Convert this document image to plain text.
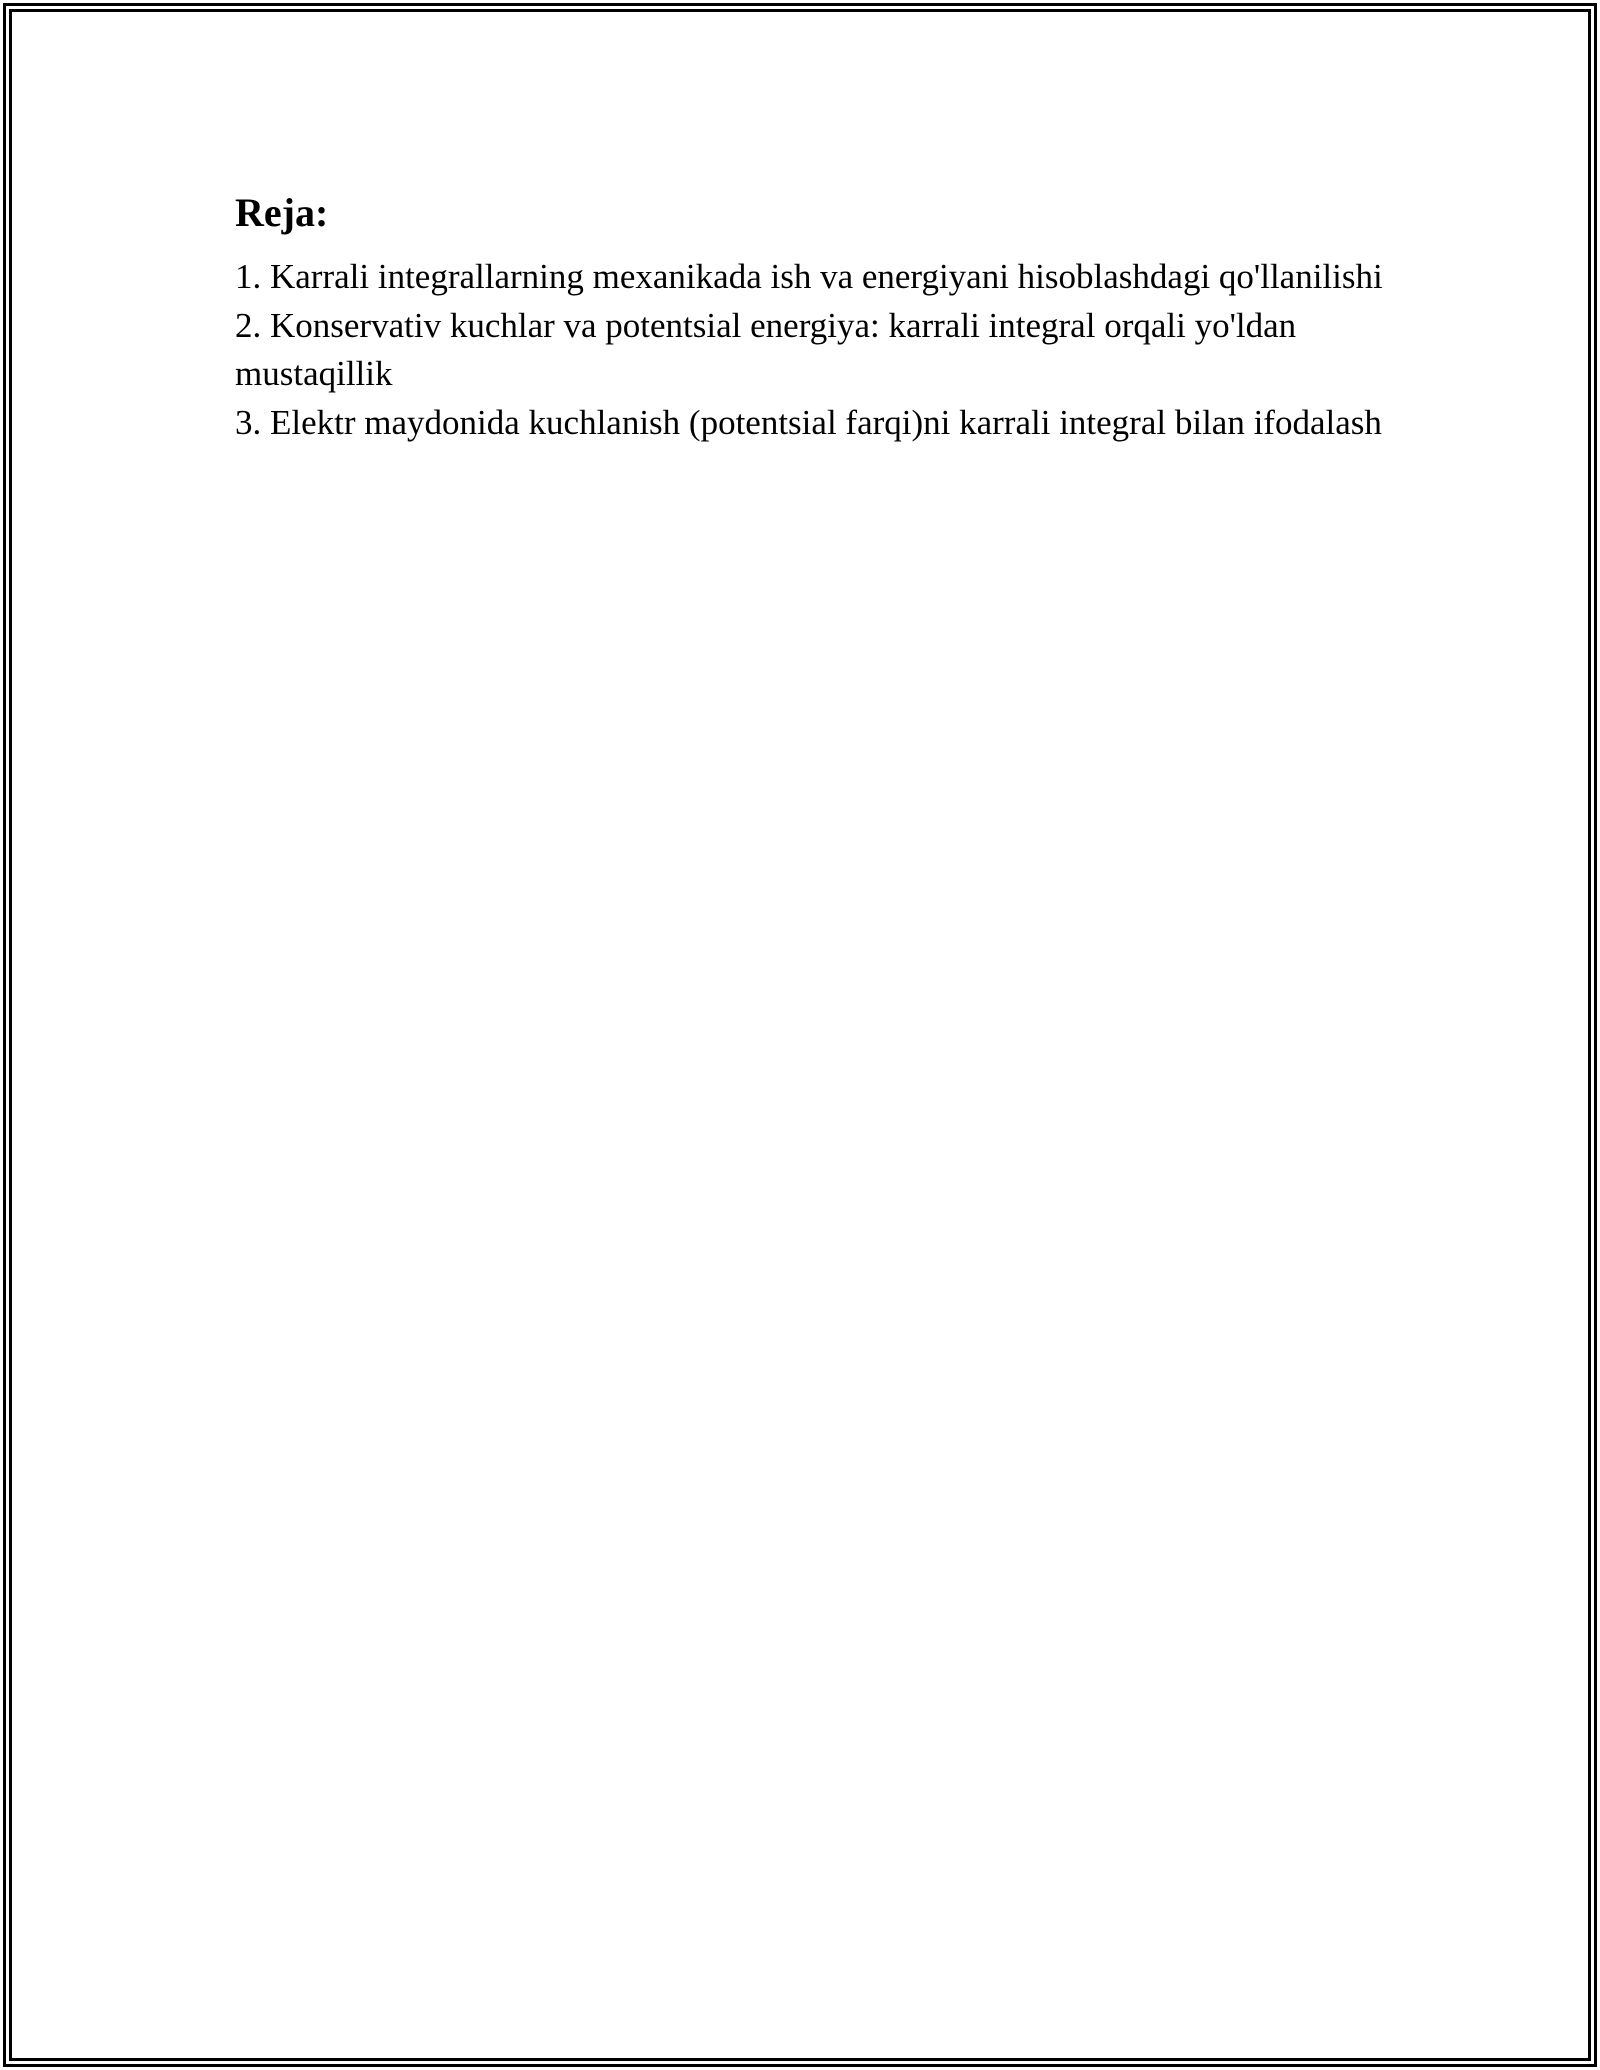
Reja:
1. Karrali integrallarning mexanikada ish va energiyani hisoblashdagi qo'llanilishi
2. Konservativ kuchlar va potentsial energiya: karrali integral orqali yo'ldan mustaqillik
3. Elektr maydonida kuchlanish (potentsial farqi)ni karrali integral bilan ifodalash
